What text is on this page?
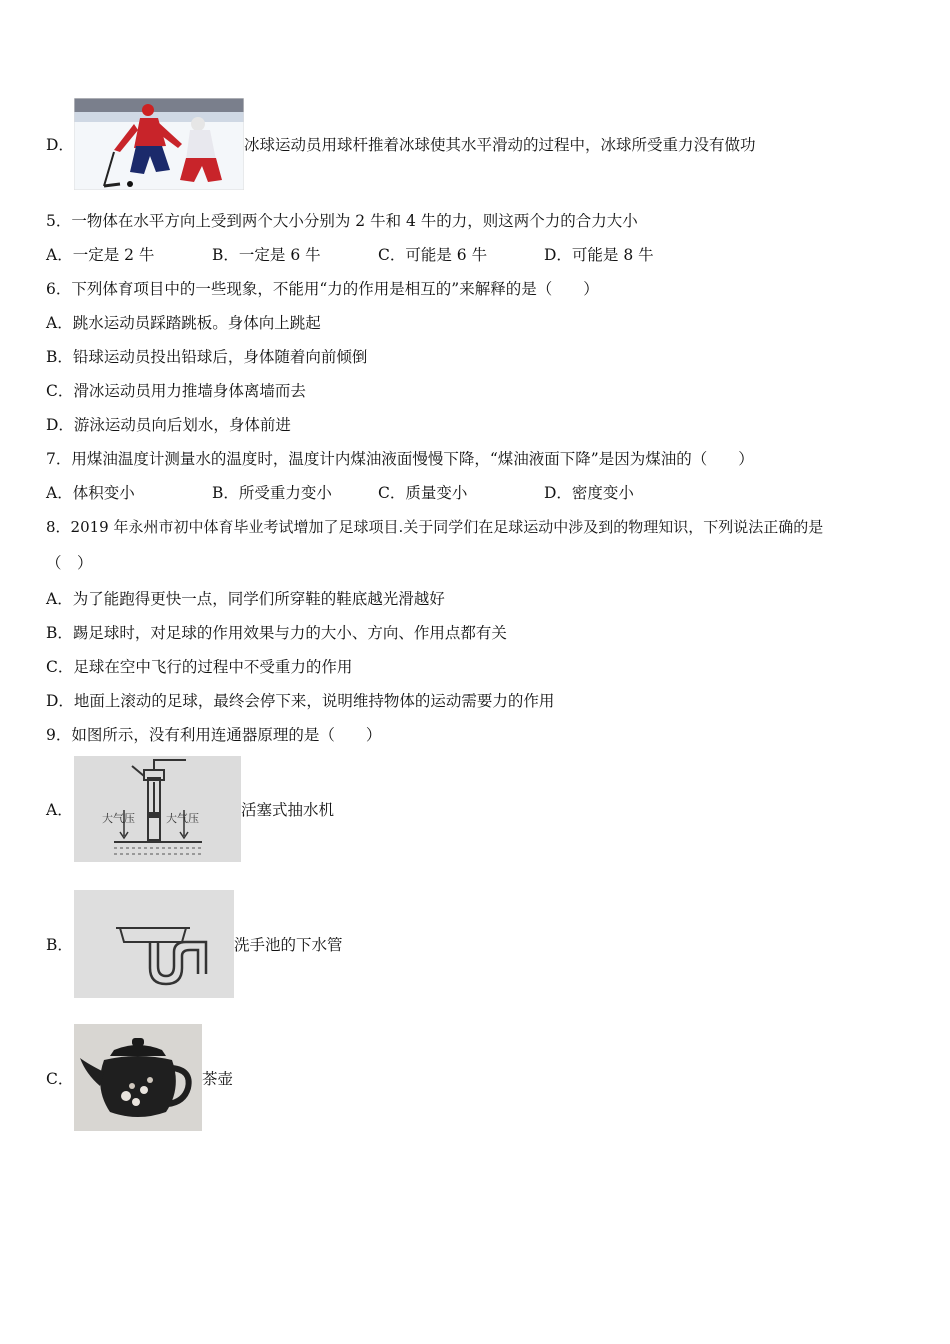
D．	冰球运动员用球杆推着冰球使其水平滑动的过程中，冰球所受重力没有做功
5．一物体在水平方向上受到两个大小分别为 2 牛和 4 牛的力，则这两个力的合力大小
A．一定是 2 牛	B．一定是 6 牛	C．可能是 6 牛	D．可能是 8 牛
6．下列体育项目中的一些现象，不能用“力的作用是相互的”来解释的是（　　）
A．跳水运动员踩踏跳板。身体向上跳起
B．铅球运动员投出铅球后，身体随着向前倾倒
C．滑冰运动员用力推墙身体离墙而去
D．游泳运动员向后划水，身体前进
7．用煤油温度计测量水的温度时，温度计内煤油液面慢慢下降，“煤油液面下降”是因为煤油的（　　）
A．体积变小	B．所受重力变小	C．质量变小	D．密度变小
8．2019 年永州市初中体育毕业考试增加了足球项目.关于同学们在足球运动中涉及到的物理知识，下列说法正确的是
（　）
A．为了能跑得更快一点，同学们所穿鞋的鞋底越光滑越好
B．踢足球时，对足球的作用效果与力的大小、方向、作用点都有关
C．足球在空中飞行的过程中不受重力的作用
D．地面上滚动的足球，最终会停下来，说明维持物体的运动需要力的作用
9．如图所示，没有利用连通器原理的是（　　）
A．	大气压	大气压	活塞式抽水机
B．	洗手池的下水管
C．	茶壶
